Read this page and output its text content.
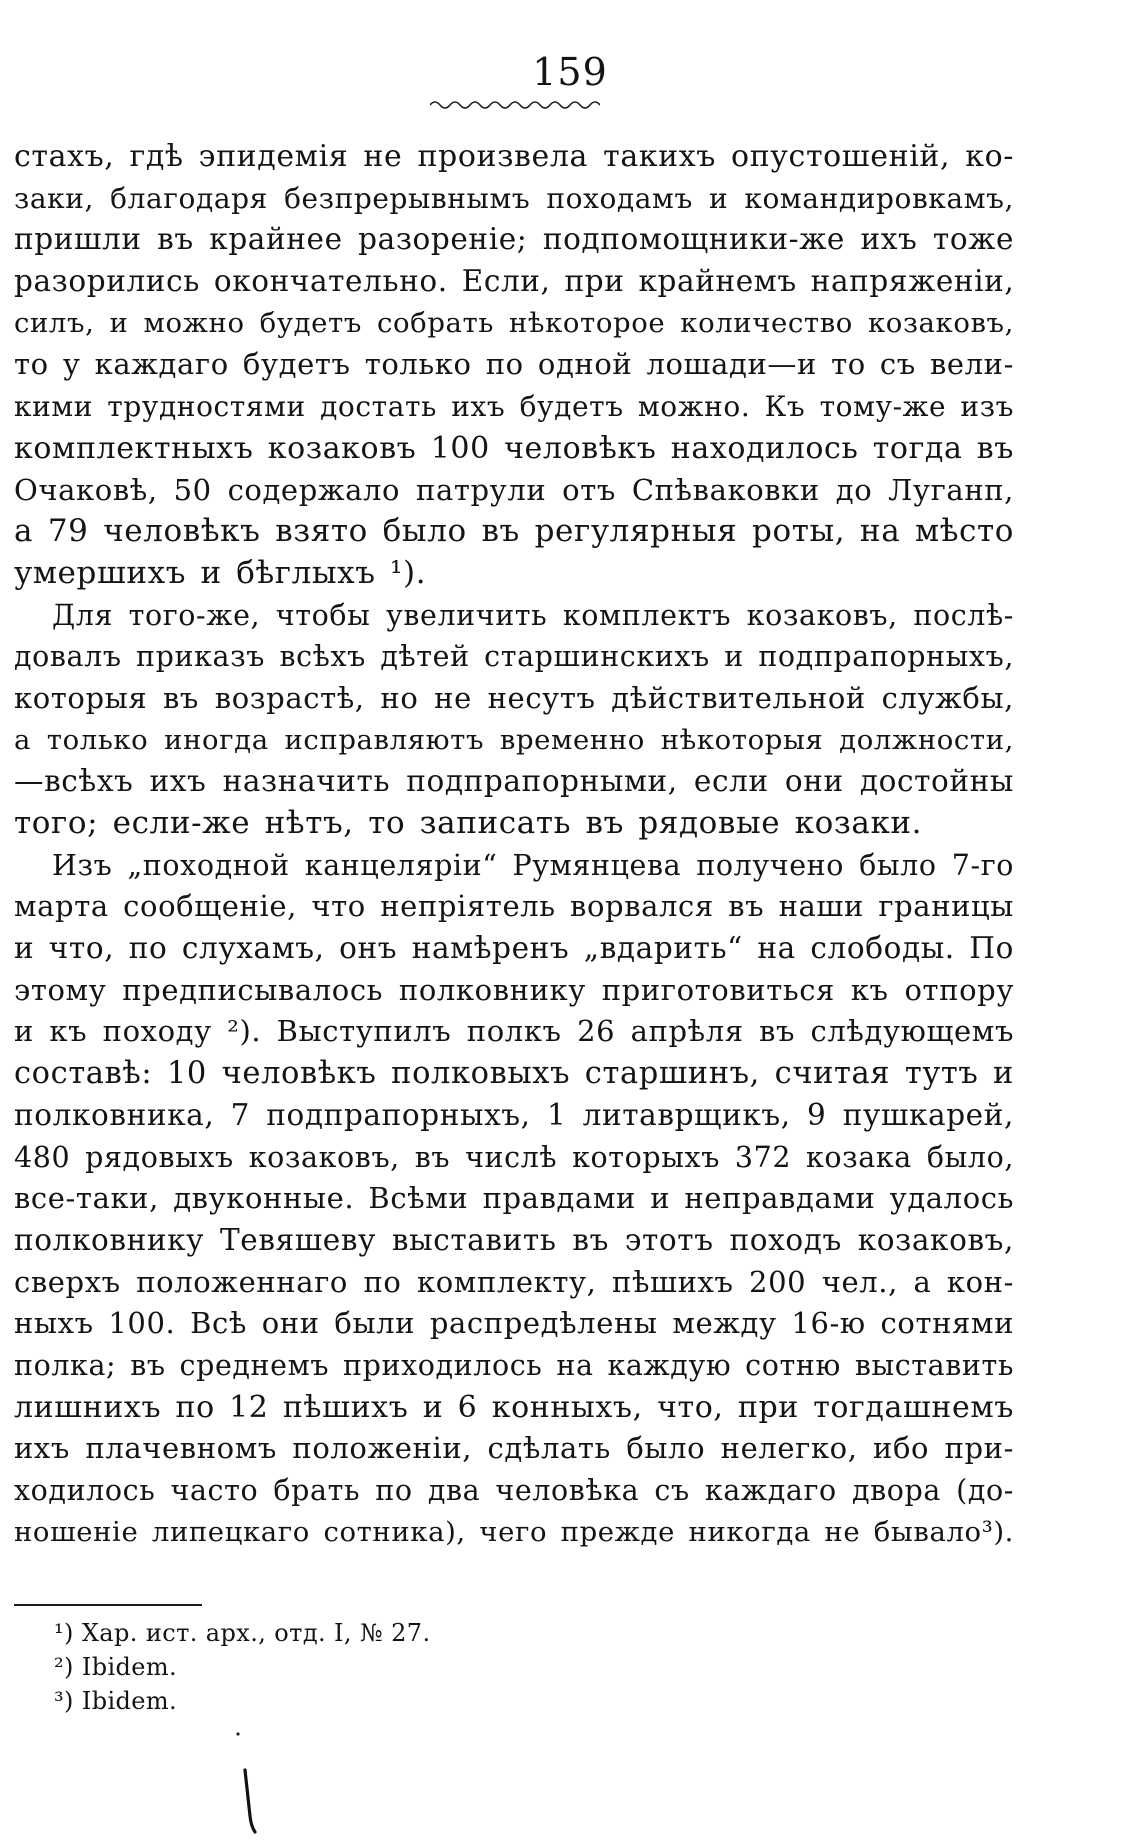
159
стахъ, гдѣ эпидемія не произвела такихъ опустошеній, ко-
заки, благодаря безпрерывнымъ походамъ и командировкамъ,
пришли въ крайнее разореніе; подпомощники-же ихъ тоже
разорились окончательно. Если, при крайнемъ напряженіи,
силъ, и можно будетъ собрать нѣкоторое количество козаковъ,
то у каждаго будетъ только по одной лошади—и то съ вели-
кими трудностями достать ихъ будетъ можно. Къ тому-же изъ
комплектныхъ козаковъ 100 человѣкъ находилось тогда въ
Очаковѣ, 50 содержало патрули отъ Спѣваковки до Луганп,
а 79 человѣкъ взято было въ регулярныя роты, на мѣсто
умершихъ и бѣглыхъ ¹).
Для того-же, чтобы увеличить комплектъ козаковъ, послѣ-
довалъ приказъ всѣхъ дѣтей старшинскихъ и подпрапорныхъ,
которыя въ возрастѣ, но не несутъ дѣйствительной службы,
а только иногда исправляютъ временно нѣкоторыя должности,
—всѣхъ ихъ назначить подпрапорными, если они достойны
того; если-же нѣтъ, то записать въ рядовые козаки.
Изъ „походной канцеляріи“ Румянцева получено было 7-го
марта сообщеніе, что непріятель ворвался въ наши границы
и что, по слухамъ, онъ намѣренъ „вдарить“ на слободы. По
этому предписывалось полковнику приготовиться къ отпору
и къ походу ²). Выступилъ полкъ 26 апрѣля въ слѣдующемъ
составѣ: 10 человѣкъ полковыхъ старшинъ, считая тутъ и
полковника, 7 подпрапорныхъ, 1 литаврщикъ, 9 пушкарей,
480 рядовыхъ козаковъ, въ числѣ которыхъ 372 козака было,
все-таки, двуконные. Всѣми правдами и неправдами удалось
полковнику Тевяшеву выставить въ этотъ походъ козаковъ,
сверхъ положеннаго по комплекту, пѣшихъ 200 чел., а кон-
ныхъ 100. Всѣ они были распредѣлены между 16-ю сотнями
полка; въ среднемъ приходилось на каждую сотню выставить
лишнихъ по 12 пѣшихъ и 6 конныхъ, что, при тогдашнемъ
ихъ плачевномъ положеніи, сдѣлать было нелегко, ибо при-
ходилось часто брать по два человѣка съ каждаго двора (до-
ношеніе липецкаго сотника), чего прежде никогда не бывало³).
¹) Хар. ист. арх., отд. I, № 27.
²) Ibidem.
³) Ibidem.
